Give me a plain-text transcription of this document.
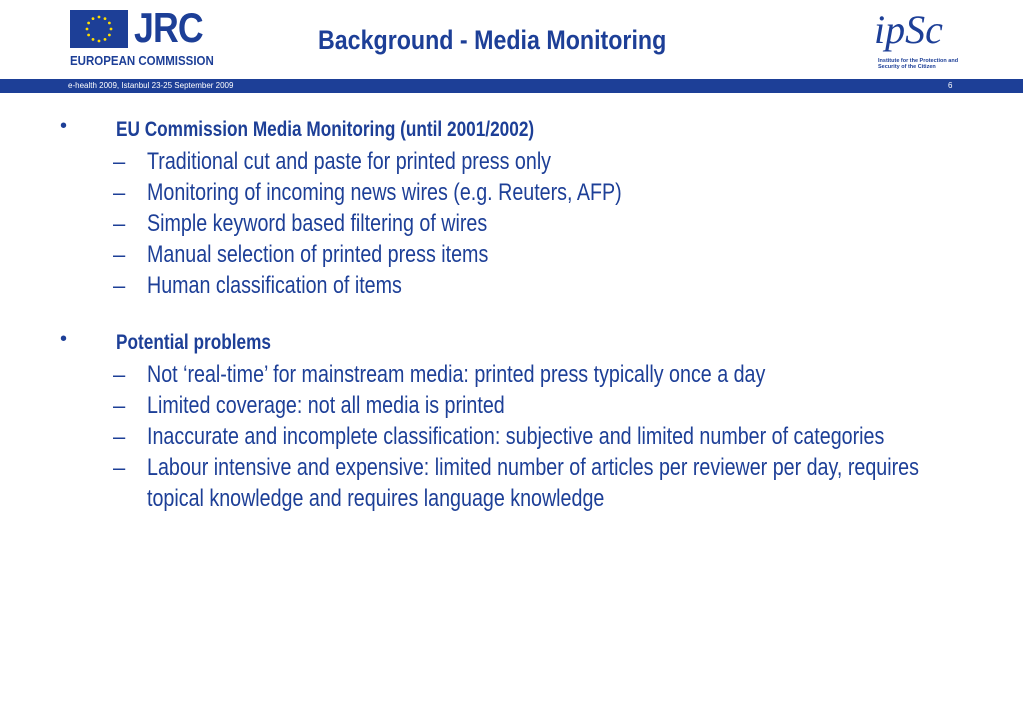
JRC
EUROPEAN COMMISSION
Background - Media Monitoring	ipSc
Institute for the Protection and Security of the Citizen
e-health 2009, Istanbul 23-25 September 2009	6
• EU Commission Media Monitoring (until 2001/2002)
– Traditional cut and paste for printed press only
– Monitoring of incoming news wires (e.g. Reuters, AFP)
– Simple keyword based filtering of wires
– Manual selection of printed press items
– Human classification of items
• Potential problems
– Not ‘real-time’ for mainstream media: printed press typically once a day
– Limited coverage: not all media is printed
– Inaccurate and incomplete classification: subjective and limited number of categories
– Labour intensive and expensive: limited number of articles per reviewer per day, requires topical knowledge and requires language knowledge
